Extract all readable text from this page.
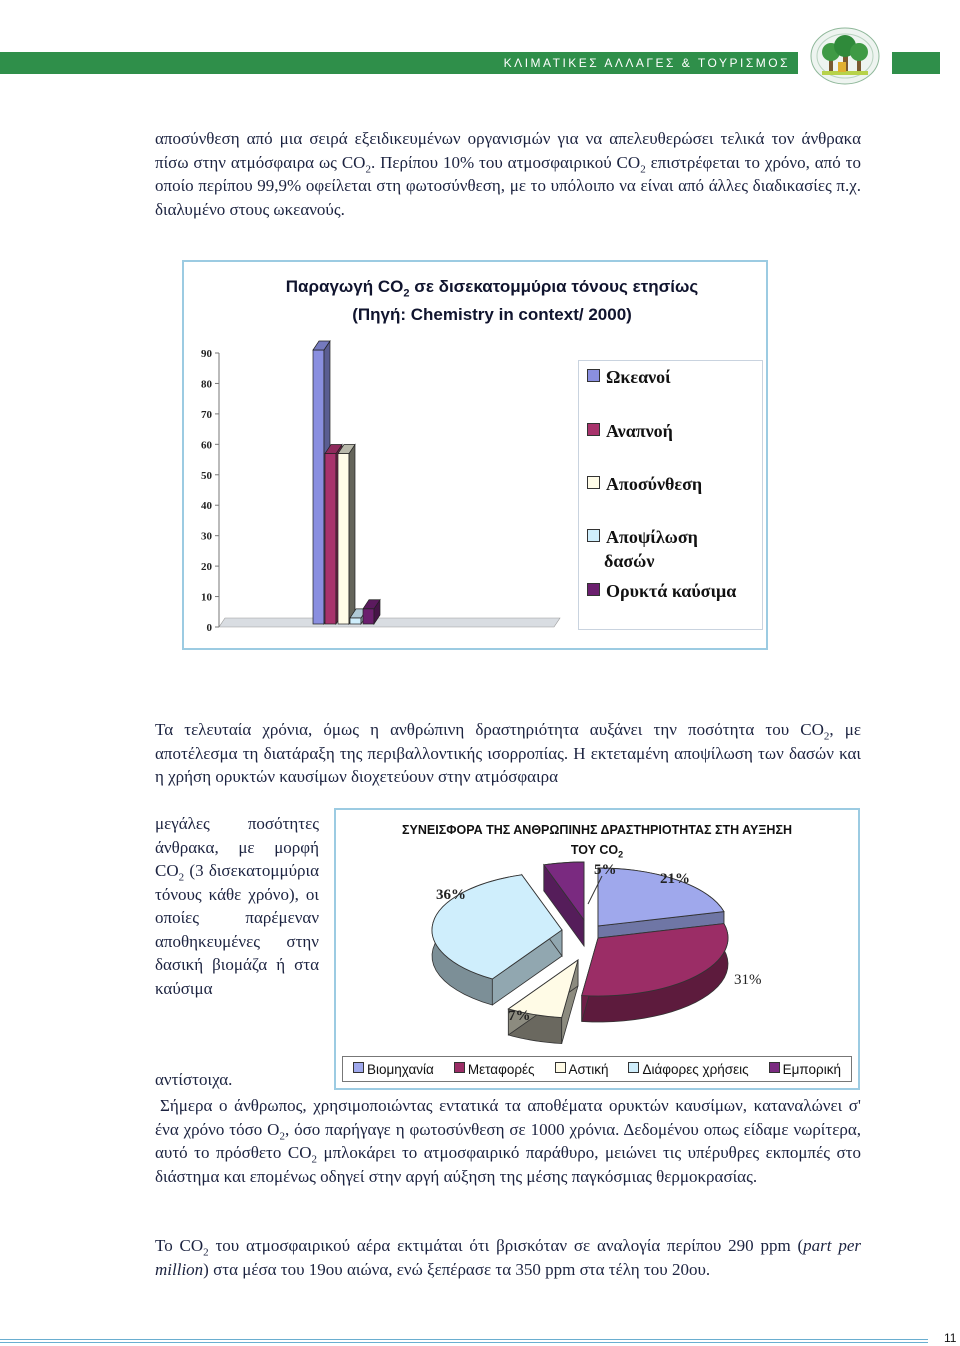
ΚΛΙΜΑΤΙΚΕΣ ΑΛΛΑΓΕΣ & ΤΟΥΡΙΣΜΟΣ
αποσύνθεση από μια σειρά εξειδικευμένων οργανισμών για να απελευθερώσει τελικά τον άνθρακα πίσω στην ατμόσφαιρα ως $CO_2$. Περίπου 10% του ατμοσφαιρικού $CO_2$ επιστρέφεται το χρόνο, από το οποίο περίπου 99,9% οφείλεται στη φωτοσύνθεση, με το υπόλοιπο να είναι από άλλες διαδικασίες π.χ. διαλυμένο στους ωκεανούς.
Παραγωγή $CO_2$ σε δισεκατομμύρια τόνους ετησίως
(Πηγή: Chemistry in context/ 2000)
0
10
20
30
40
50
60
70
80
90
Ωκεανοί
Αναπνοή
Αποσύνθεση
Αποψίλωση δασών
Ορυκτά καύσιμα
Τα τελευταία χρόνια, όμως η ανθρώπινη δραστηριότητα αυξάνει την ποσότητα του $CO_2$, με αποτέλεσμα τη διατάραξη της περιβαλλοντικής ισορροπίας. Η εκτεταμένη αποψίλωση των δασών και η χρήση ορυκτών καυσίμων διοχετεύουν στην ατμόσφαιρα
μεγάλες ποσότητες άνθρακα, με μορφή $CO_2$ (3 δισεκατομμύρια τόνους κάθε χρόνο), οι οποίες παρέμεναν αποθηκευμένες στην δασική βιομάζα ή στα καύσιμα
αντίστοιχα.
ΣΥΝΕΙΣΦΟΡΑ ΤΗΣ ΑΝΘΡΩΠΙΝΗΣ ΔΡΑΣΤΗΡΙΟΤΗΤΑΣ ΣΤΗ ΑΥΞΗΣΗ
ΤΟΥ $CO_2$
36%
5%
21%
31%
7%
Βιομηχανία	Μεταφορές	Αστική	Διάφορες χρήσεις	Εμπορική
Σήμερα ο άνθρωπος, χρησιμοποιώντας εντατικά τα αποθέματα ορυκτών καυσίμων, καταναλώνει σ' ένα χρόνο τόσο $O_2$, όσο παρήγαγε η φωτοσύνθεση σε 1000 χρόνια. Δεδομένου οπως είδαμε νωρίτερα, αυτό το πρόσθετο $CO_2$ μπλοκάρει το ατμοσφαιρικό παράθυρο, μειώνει τις υπέρυθρες εκπομπές στο διάστημα και επομένως οδηγεί στην αργή αύξηση της μέσης παγκόσμιας θερμοκρασίας.
Το $CO_2$ του ατμοσφαιρικού αέρα εκτιμάται ότι βρισκόταν σε αναλογία περίπου 290 ppm (part per million) στα μέσα του 19ου αιώνα, ενώ ξεπέρασε τα 350 ppm στα τέλη του 20ου.
11
